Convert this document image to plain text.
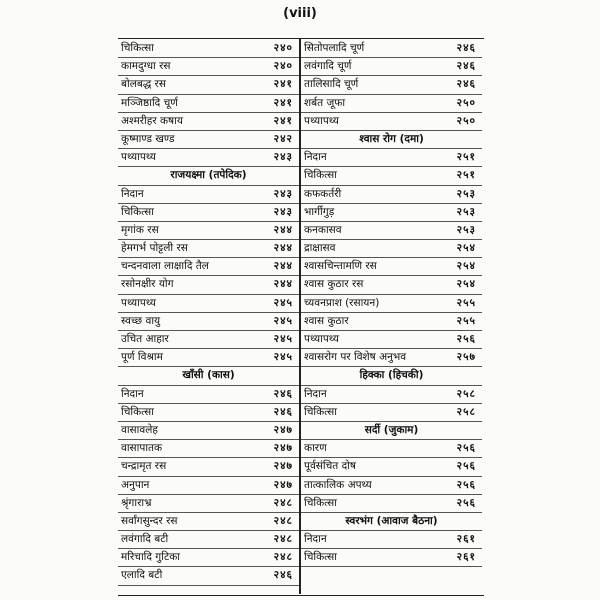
(viii)
चिकित्सा	२४०
कामदुग्धा रस	२४०
बोलबद्ध रस	२४१
मञ्जिष्ठादि चूर्ण	२४१
अश्मरीहर कषाय	२४१
कूष्माण्ड खण्ड	२४२
पथ्यापथ्य	२४३
राजयक्ष्मा (तपेदिक)
निदान	२४३
चिकित्सा	२४३
मृगांक रस	२४४
हेमगर्भ पोट्टली रस	२४४
चन्दनवाला लाक्षादि तैल	२४४
रसोनक्षीर योग	२४४
पथ्यापथ्य	२४५
स्वच्छ वायु	२४५
उचित आहार	२४५
पूर्ण विश्राम	२४५
खाँसी (कास)
निदान	२४६
चिकित्सा	२४६
वासावलेह	२४७
वासापातक	२४७
चन्द्रामृत रस	२४७
अनुपान	२४७
श्रृंगाराभ्र	२४८
सर्वांगसुन्दर रस	२४८
लवंगादि बटी	२४८
मरिचादि गुटिका	२४८
एलादि बटी	२४६
सितोपलादि चूर्ण	२४६
लवंगादि चूर्ण	२४६
तालिसादि चूर्ण	२४६
शर्बत जूफा	२५०
पथ्यापथ्य	२५०
श्वास रोग (दमा)
निदान	२५१
चिकित्सा	२५१
कफकर्तरी	२५३
भार्गीगुड़	२५३
कनकासव	२५३
द्राक्षासव	२५४
श्वासचिन्तामणि रस	२५४
श्वास कुठार रस	२५४
च्यवनप्राश (रसायन)	२५५
श्वास कुठार	२५५
पथ्यापथ्य	२५६
श्वासरोग पर विशेष अनुभव	२५७
हिक्का (हिचकी)
निदान	२५८
चिकित्सा	२५८
सर्दी (जुकाम)
कारण	२५६
पूर्वसंचित दोष	२५६
तात्कालिक अपथ्य	२५६
चिकित्सा	२५६
स्वरभंग (आवाज बैठना)
निदान	२६१
चिकित्सा	२६१
